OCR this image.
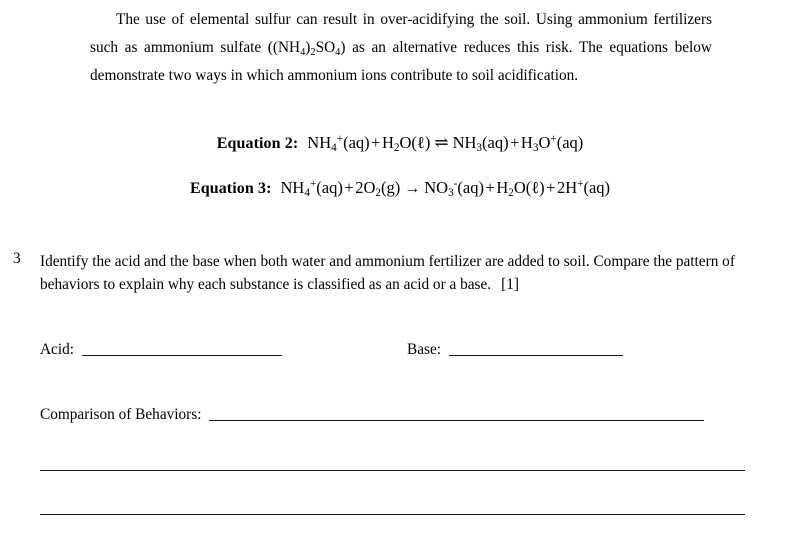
The use of elemental sulfur can result in over-acidifying the soil. Using ammonium fertilizers such as ammonium sulfate $((NH_4)_2SO_4)$ as an alternative reduces this risk. The equations below demonstrate two ways in which ammonium ions contribute to soil acidification.
Equation 2: $NH_4^+(aq)+H_2O(\ell)$ ⇌ $NH_3(aq)+H_3O^+(aq)$
Equation 3: $NH_4^+(aq)+2O_2(g)$ → $NO_3^-(aq)+H_2O(\ell)+2H^+(aq)$
3 Identify the acid and the base when both water and ammonium fertilizer are added to soil. Compare the pattern of behaviors to explain why each substance is classified as an acid or a base. [1]
Acid:	Base:
Comparison of Behaviors:
